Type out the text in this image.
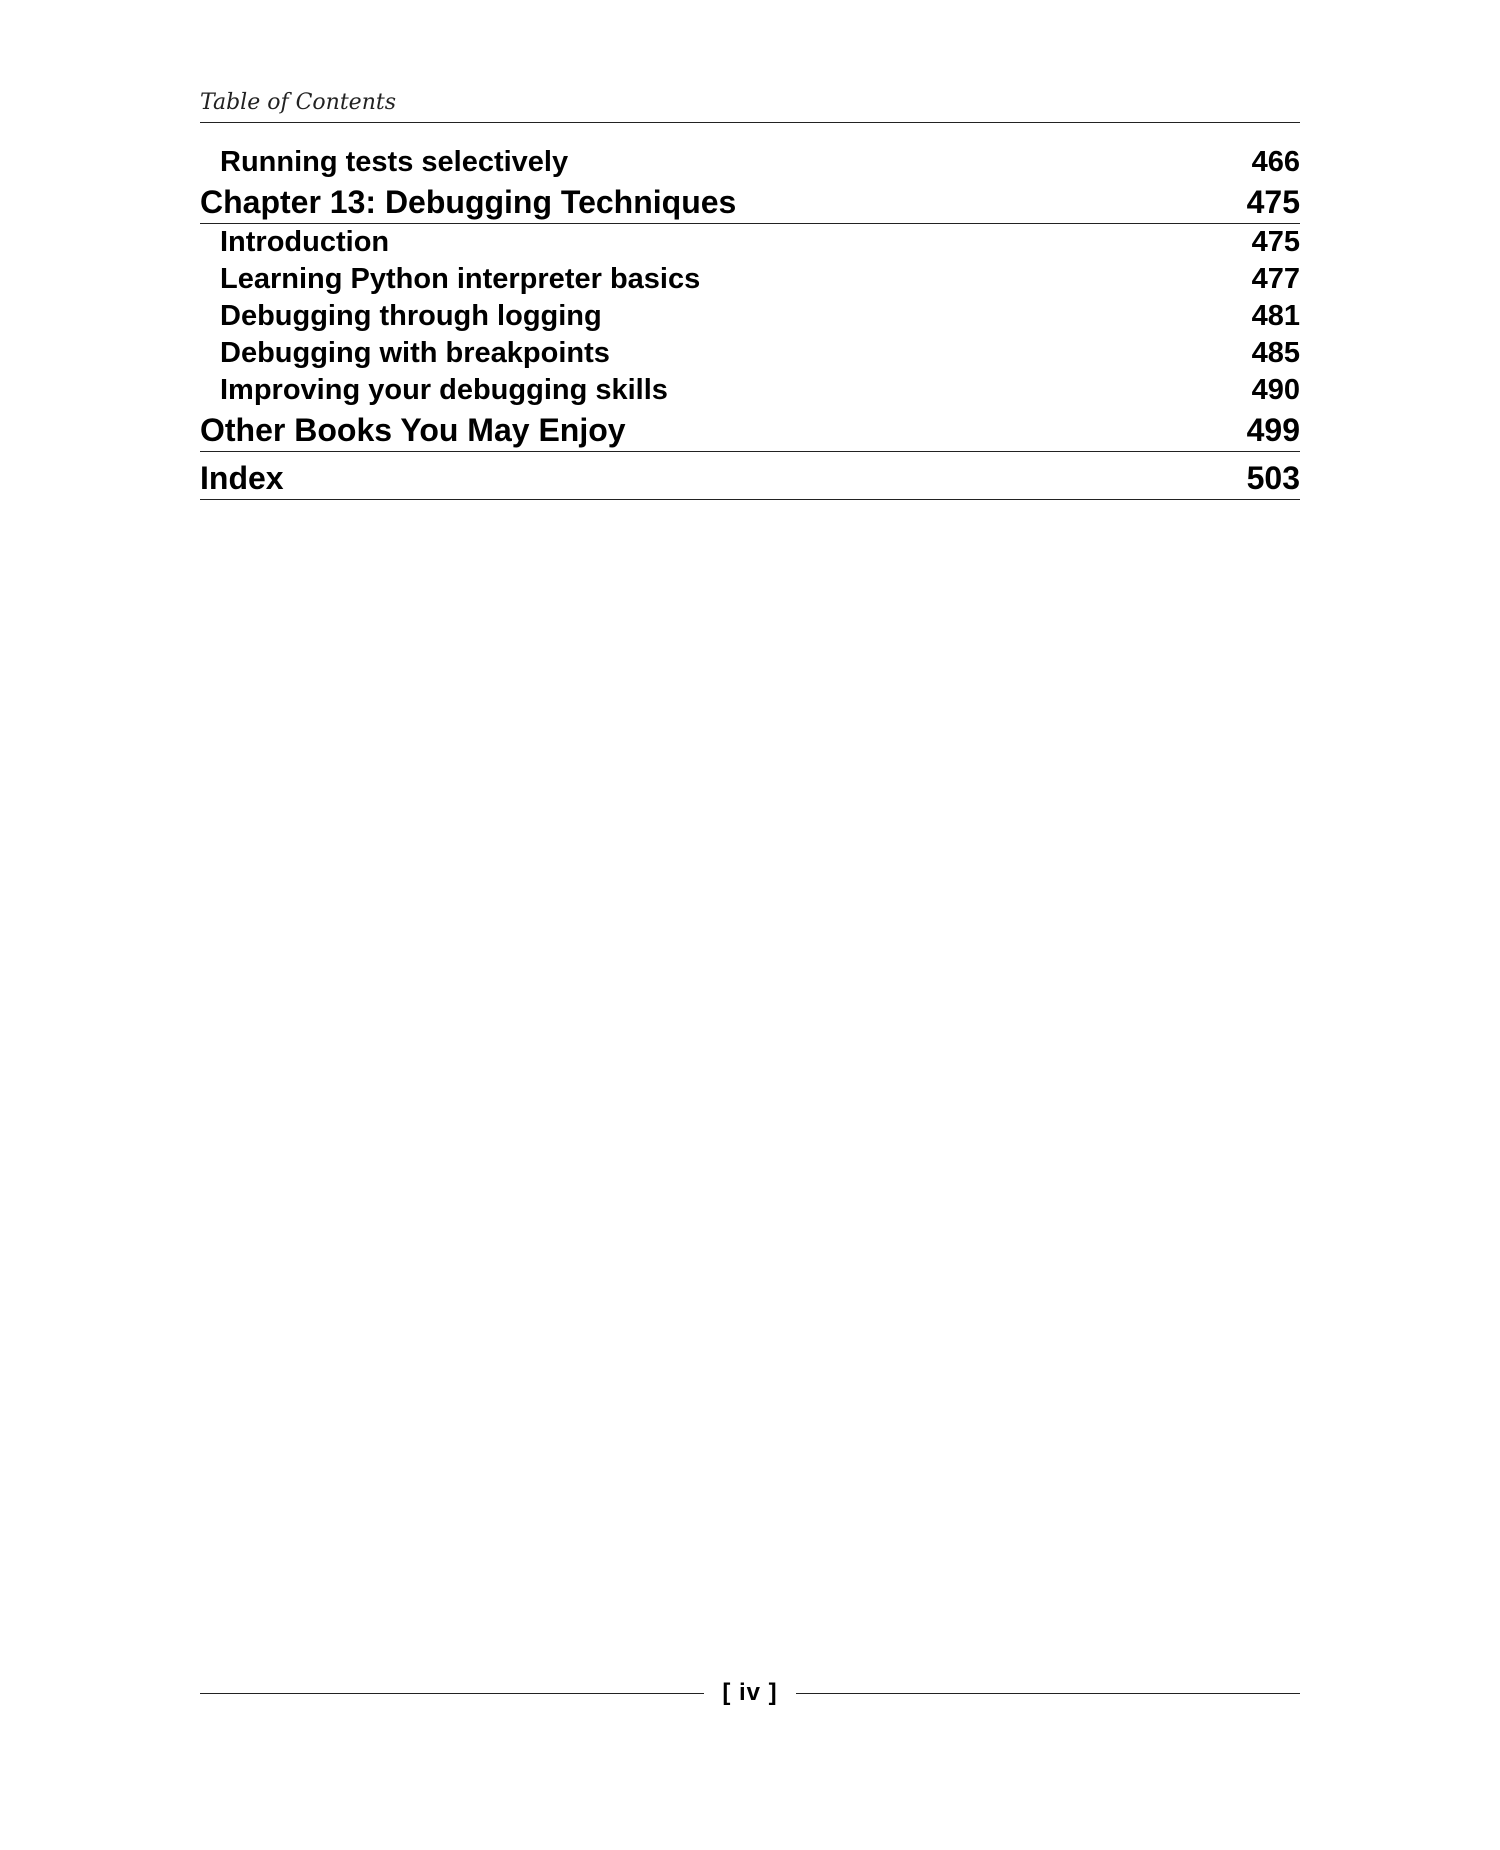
Table of Contents
Running tests selectively	466
Chapter 13: Debugging Techniques	475
Introduction	475
Learning Python interpreter basics	477
Debugging through logging	481
Debugging with breakpoints	485
Improving your debugging skills	490
Other Books You May Enjoy	499
Index	503
[ iv ]
